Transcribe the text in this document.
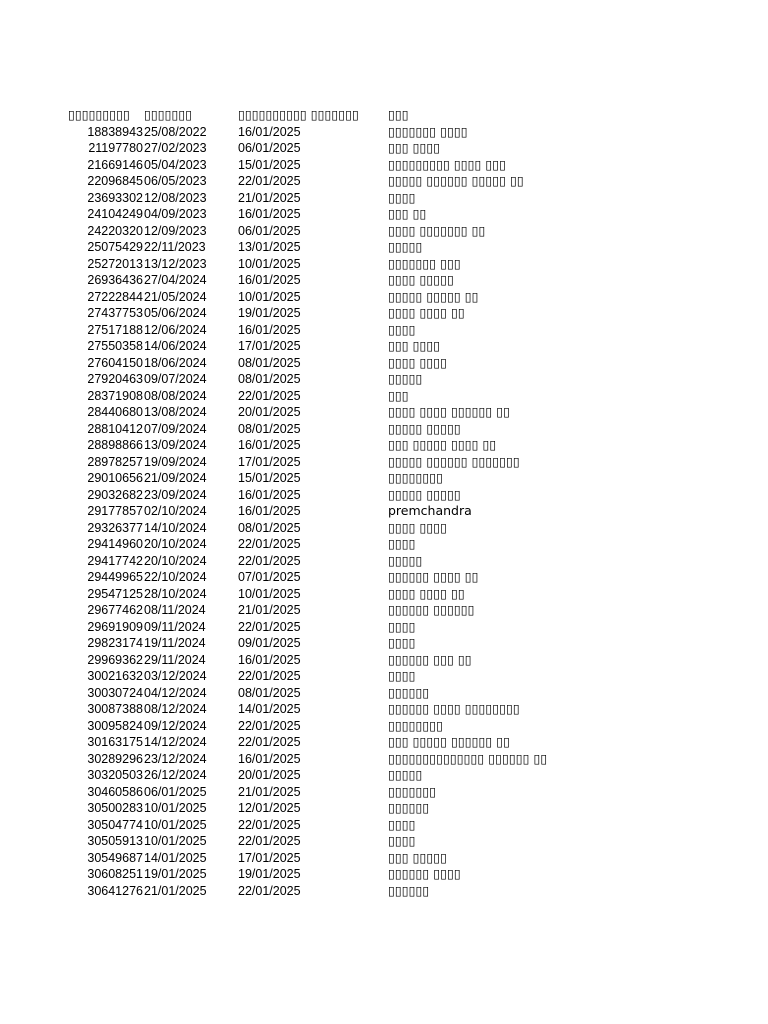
▯▯▯▯▯▯▯▯▯	▯▯▯▯▯▯▯	▯▯▯▯▯▯▯▯▯▯ ▯▯▯▯▯▯▯	▯▯▯
18838943 25/08/2022	16/01/2025	▯▯▯▯▯▯▯ ▯▯▯▯
21197780 27/02/2023	06/01/2025	▯▯▯ ▯▯▯▯
21669146 05/04/2023	15/01/2025	▯▯▯▯▯▯▯▯▯ ▯▯▯▯ ▯▯▯
22096845 06/05/2023	22/01/2025	▯▯▯▯▯ ▯▯▯▯▯▯ ▯▯▯▯▯ ▯▯
23693302 12/08/2023	21/01/2025	▯▯▯▯
24104249 04/09/2023	16/01/2025	▯▯▯ ▯▯
24220320 12/09/2023	06/01/2025	▯▯▯▯ ▯▯▯▯▯▯▯ ▯▯
25075429 22/11/2023	13/01/2025	▯▯▯▯▯
25272013 13/12/2023	10/01/2025	▯▯▯▯▯▯▯ ▯▯▯
26936436 27/04/2024	16/01/2025	▯▯▯▯ ▯▯▯▯▯
27222844 21/05/2024	10/01/2025	▯▯▯▯▯ ▯▯▯▯▯ ▯▯
27437753 05/06/2024	19/01/2025	▯▯▯▯ ▯▯▯▯ ▯▯
27517188 12/06/2024	16/01/2025	▯▯▯▯
27550358 14/06/2024	17/01/2025	▯▯▯ ▯▯▯▯
27604150 18/06/2024	08/01/2025	▯▯▯▯ ▯▯▯▯
27920463 09/07/2024	08/01/2025	▯▯▯▯▯
28371908 08/08/2024	22/01/2025	▯▯▯
28440680 13/08/2024	20/01/2025	▯▯▯▯ ▯▯▯▯ ▯▯▯▯▯▯ ▯▯
28810412 07/09/2024	08/01/2025	▯▯▯▯▯ ▯▯▯▯▯
28898866 13/09/2024	16/01/2025	▯▯▯ ▯▯▯▯▯ ▯▯▯▯ ▯▯
28978257 19/09/2024	17/01/2025	▯▯▯▯▯ ▯▯▯▯▯▯ ▯▯▯▯▯▯▯
29010656 21/09/2024	15/01/2025	▯▯▯▯▯▯▯▯
29032682 23/09/2024	16/01/2025	▯▯▯▯▯ ▯▯▯▯▯
29177857 02/10/2024	16/01/2025	premchandra
29326377 14/10/2024	08/01/2025	▯▯▯▯ ▯▯▯▯
29414960 20/10/2024	22/01/2025	▯▯▯▯
29417742 20/10/2024	22/01/2025	▯▯▯▯▯
29449965 22/10/2024	07/01/2025	▯▯▯▯▯▯ ▯▯▯▯ ▯▯
29547125 28/10/2024	10/01/2025	▯▯▯▯ ▯▯▯▯ ▯▯
29677462 08/11/2024	21/01/2025	▯▯▯▯▯▯ ▯▯▯▯▯▯
29691909 09/11/2024	22/01/2025	▯▯▯▯
29823174 19/11/2024	09/01/2025	▯▯▯▯
29969362 29/11/2024	16/01/2025	▯▯▯▯▯▯ ▯▯▯ ▯▯
30021632 03/12/2024	22/01/2025	▯▯▯▯
30030724 04/12/2024	08/01/2025	▯▯▯▯▯▯
30087388 08/12/2024	14/01/2025	▯▯▯▯▯▯ ▯▯▯▯ ▯▯▯▯▯▯▯▯
30095824 09/12/2024	22/01/2025	▯▯▯▯▯▯▯▯
30163175 14/12/2024	22/01/2025	▯▯▯ ▯▯▯▯▯ ▯▯▯▯▯▯ ▯▯
30289296 23/12/2024	16/01/2025	▯▯▯▯▯▯▯▯▯▯▯▯▯▯ ▯▯▯▯▯▯ ▯▯
30320503 26/12/2024	20/01/2025	▯▯▯▯▯
30460586 06/01/2025	21/01/2025	▯▯▯▯▯▯▯
30500283 10/01/2025	12/01/2025	▯▯▯▯▯▯
30504774 10/01/2025	22/01/2025	▯▯▯▯
30505913 10/01/2025	22/01/2025	▯▯▯▯
30549687 14/01/2025	17/01/2025	▯▯▯ ▯▯▯▯▯
30608251 19/01/2025	19/01/2025	▯▯▯▯▯▯ ▯▯▯▯
30641276 21/01/2025	22/01/2025	▯▯▯▯▯▯
